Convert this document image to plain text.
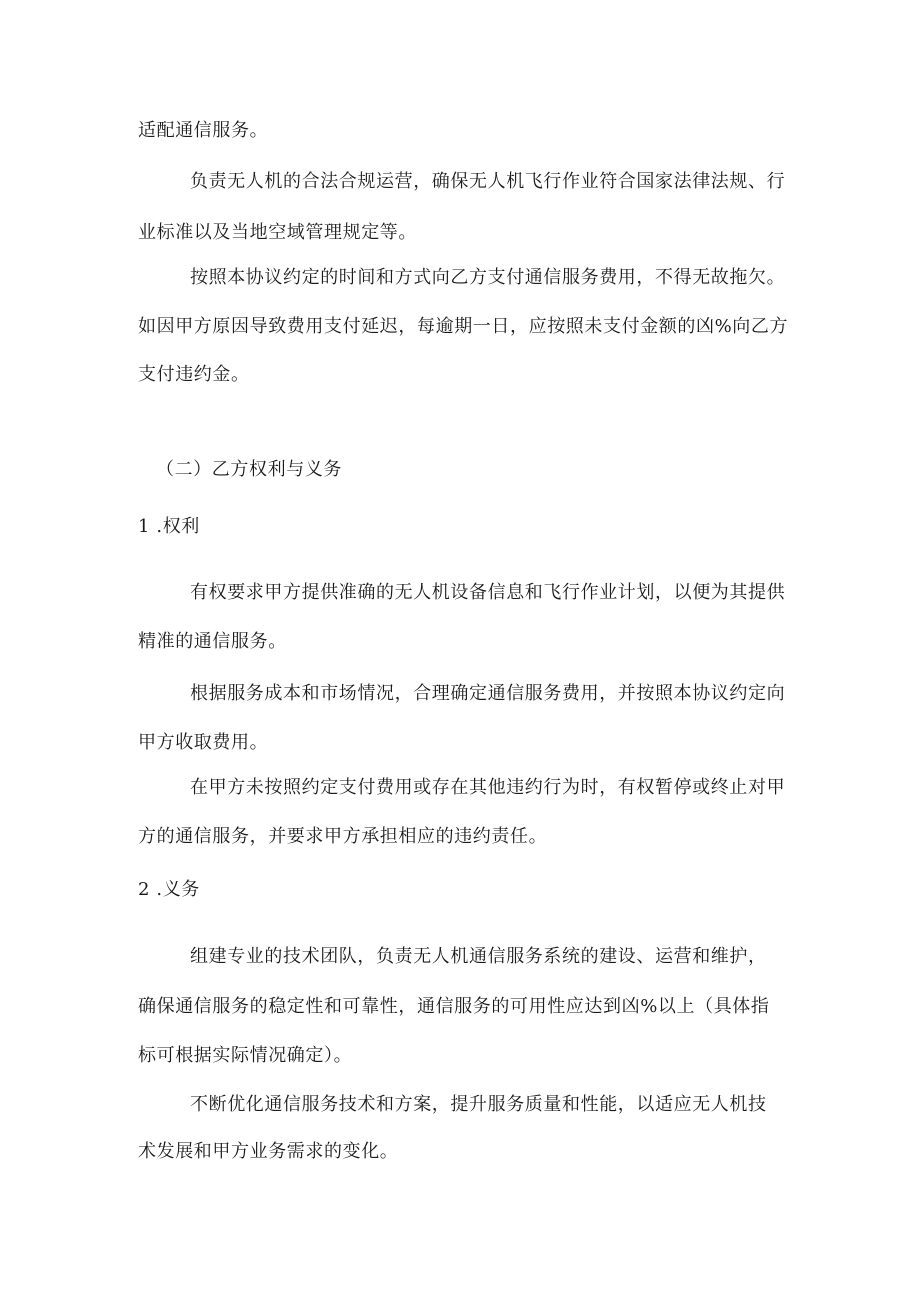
适配通信服务。
负责无人机的合法合规运营，确保无人机飞行作业符合国家法律法规、行
业标准以及当地空域管理规定等。
按照本协议约定的时间和方式向乙方支付通信服务费用，不得无故拖欠。
如因甲方原因导致费用支付延迟，每逾期一日，应按照未支付金额的凶%向乙方
支付违约金。
（二）乙方权利与义务
1 .权利
有权要求甲方提供准确的无人机设备信息和飞行作业计划，以便为其提供
精准的通信服务。
根据服务成本和市场情况，合理确定通信服务费用，并按照本协议约定向
甲方收取费用。
在甲方未按照约定支付费用或存在其他违约行为时，有权暂停或终止对甲
方的通信服务，并要求甲方承担相应的违约责任。
2 .义务
组建专业的技术团队，负责无人机通信服务系统的建设、运营和维护，
确保通信服务的稳定性和可靠性，通信服务的可用性应达到凶%以上（具体指
标可根据实际情况确定）。
不断优化通信服务技术和方案，提升服务质量和性能，以适应无人机技
术发展和甲方业务需求的变化。
